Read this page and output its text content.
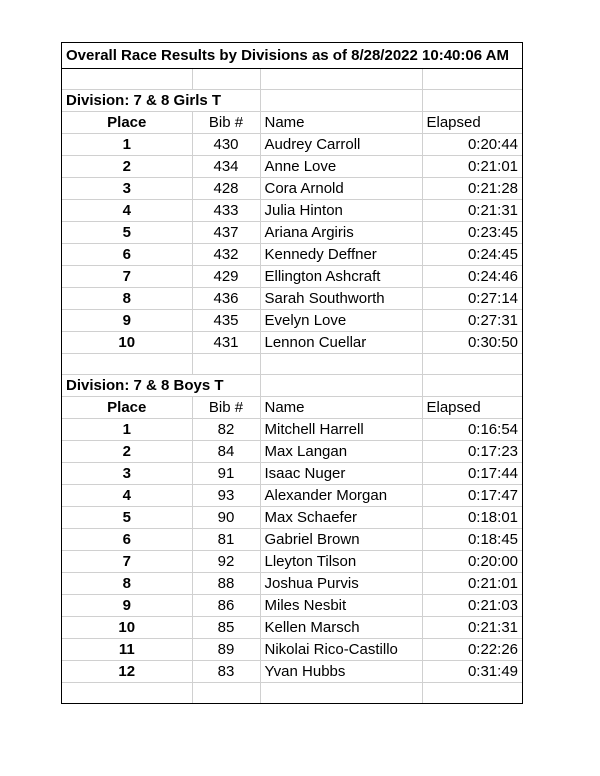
Overall Race Results by Divisions as of 8/28/2022 10:40:06 AM			

Division: 7 & 8 Girls T			
Place	Bib #	Name	Elapsed
1	430	Audrey Carroll	0:20:44
2	434	Anne Love	0:21:01
3	428	Cora Arnold	0:21:28
4	433	Julia Hinton	0:21:31
5	437	Ariana Argiris	0:23:45
6	432	Kennedy Deffner	0:24:45
7	429	Ellington Ashcraft	0:24:46
8	436	Sarah Southworth	0:27:14
9	435	Evelyn Love	0:27:31
10	431	Lennon Cuellar	0:30:50

Division: 7 & 8 Boys T			
Place	Bib #	Name	Elapsed
1	82	Mitchell Harrell	0:16:54
2	84	Max Langan	0:17:23
3	91	Isaac Nuger	0:17:44
4	93	Alexander Morgan	0:17:47
5	90	Max Schaefer	0:18:01
6	81	Gabriel Brown	0:18:45
7	92	Lleyton Tilson	0:20:00
8	88	Joshua Purvis	0:21:01
9	86	Miles Nesbit	0:21:03
10	85	Kellen Marsch	0:21:31
11	89	Nikolai Rico-Castillo	0:22:26
12	83	Yvan Hubbs	0:31:49
